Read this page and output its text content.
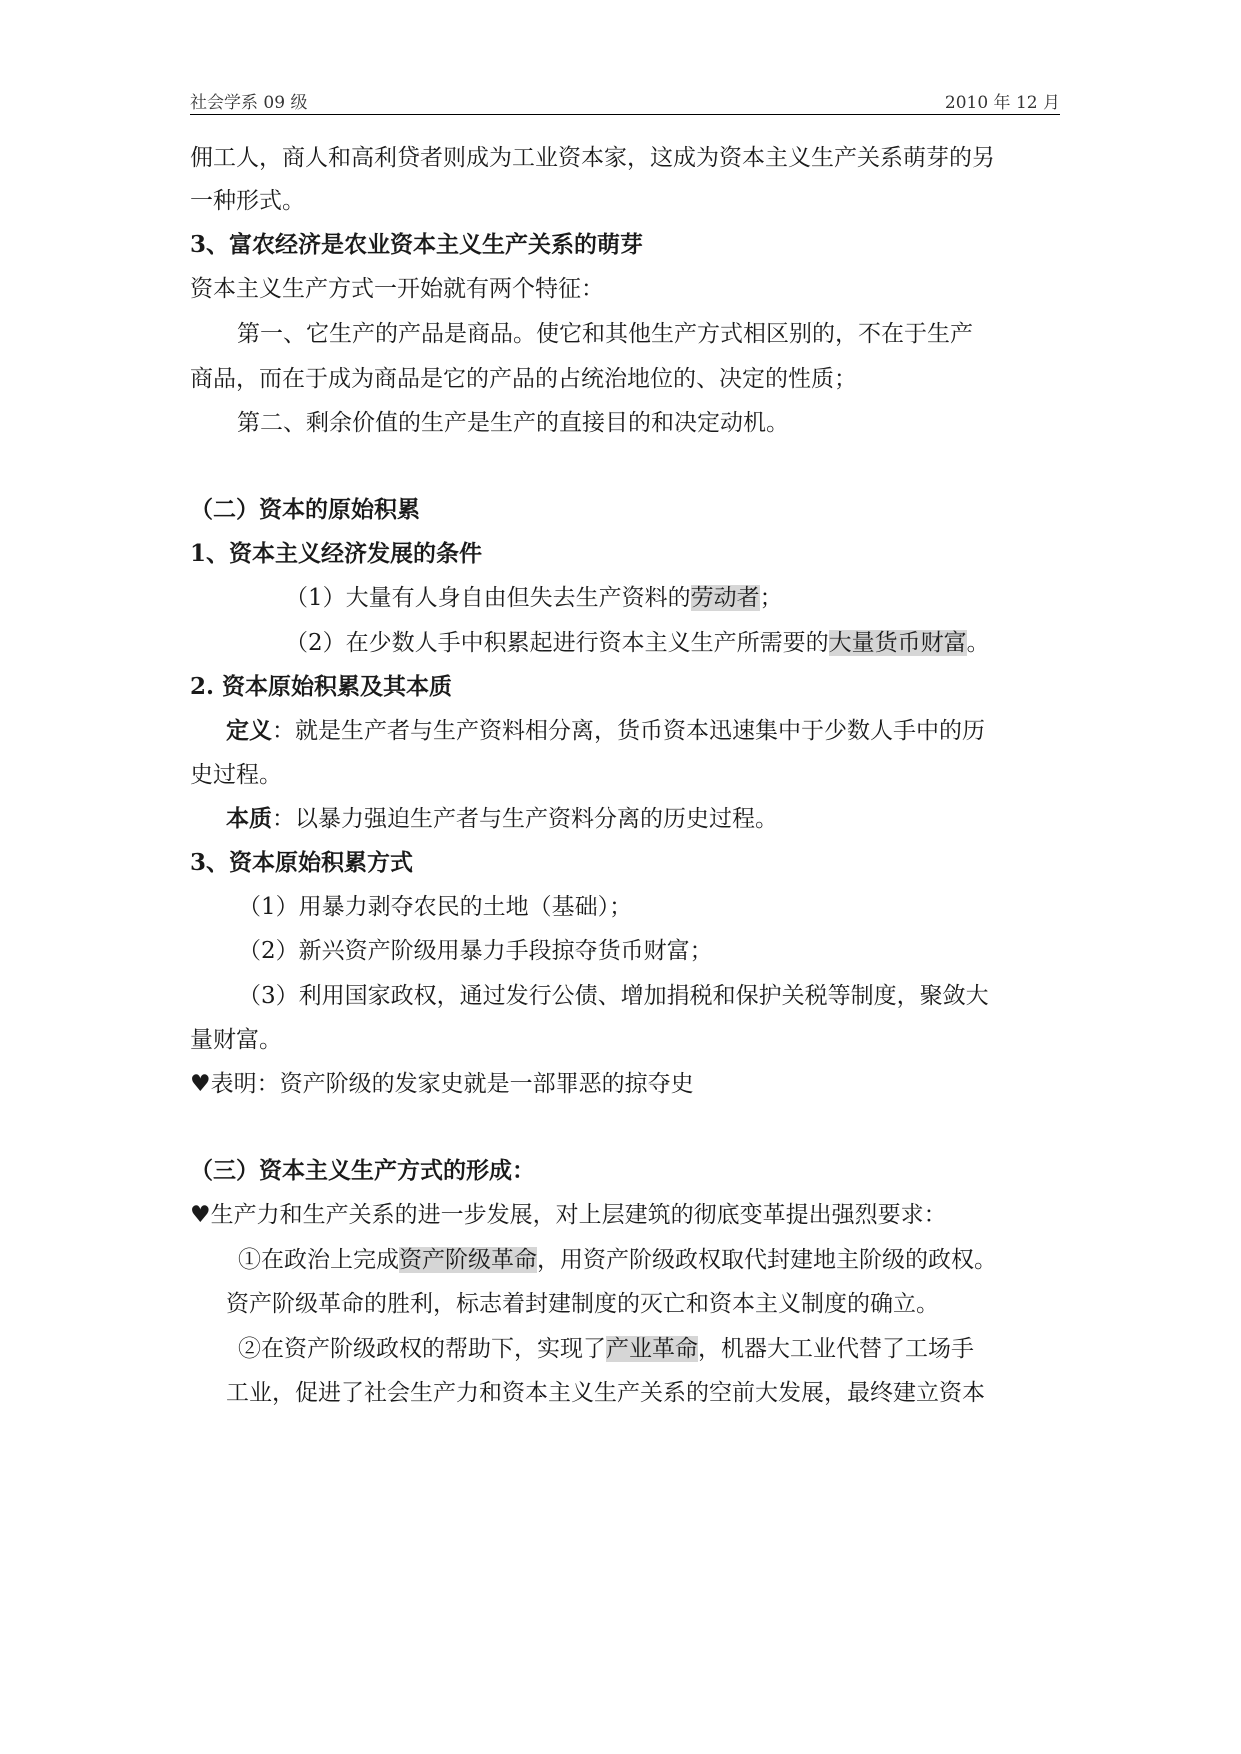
社会学系 09 级	2010 年 12 月
佣工人，商人和高利贷者则成为工业资本家，这成为资本主义生产关系萌芽的另
一种形式。
3、富农经济是农业资本主义生产关系的萌芽
资本主义生产方式一开始就有两个特征：
第一、它生产的产品是商品。使它和其他生产方式相区别的，不在于生产
商品，而在于成为商品是它的产品的占统治地位的、决定的性质；
第二、剩余价值的生产是生产的直接目的和决定动机。
（二）资本的原始积累
1、资本主义经济发展的条件
（1）大量有人身自由但失去生产资料的劳动者；
（2）在少数人手中积累起进行资本主义生产所需要的大量货币财富。
2. 资本原始积累及其本质
定义：就是生产者与生产资料相分离，货币资本迅速集中于少数人手中的历
史过程。
本质：以暴力强迫生产者与生产资料分离的历史过程。
3、资本原始积累方式
（1）用暴力剥夺农民的土地（基础）；
（2）新兴资产阶级用暴力手段掠夺货币财富；
（3）利用国家政权，通过发行公债、增加捐税和保护关税等制度，聚敛大
量财富。
♥表明：资产阶级的发家史就是一部罪恶的掠夺史
（三）资本主义生产方式的形成：
♥生产力和生产关系的进一步发展，对上层建筑的彻底变革提出强烈要求：
①在政治上完成资产阶级革命，用资产阶级政权取代封建地主阶级的政权。
资产阶级革命的胜利，标志着封建制度的灭亡和资本主义制度的确立。
②在资产阶级政权的帮助下，实现了产业革命，机器大工业代替了工场手
工业，促进了社会生产力和资本主义生产关系的空前大发展，最终建立资本
